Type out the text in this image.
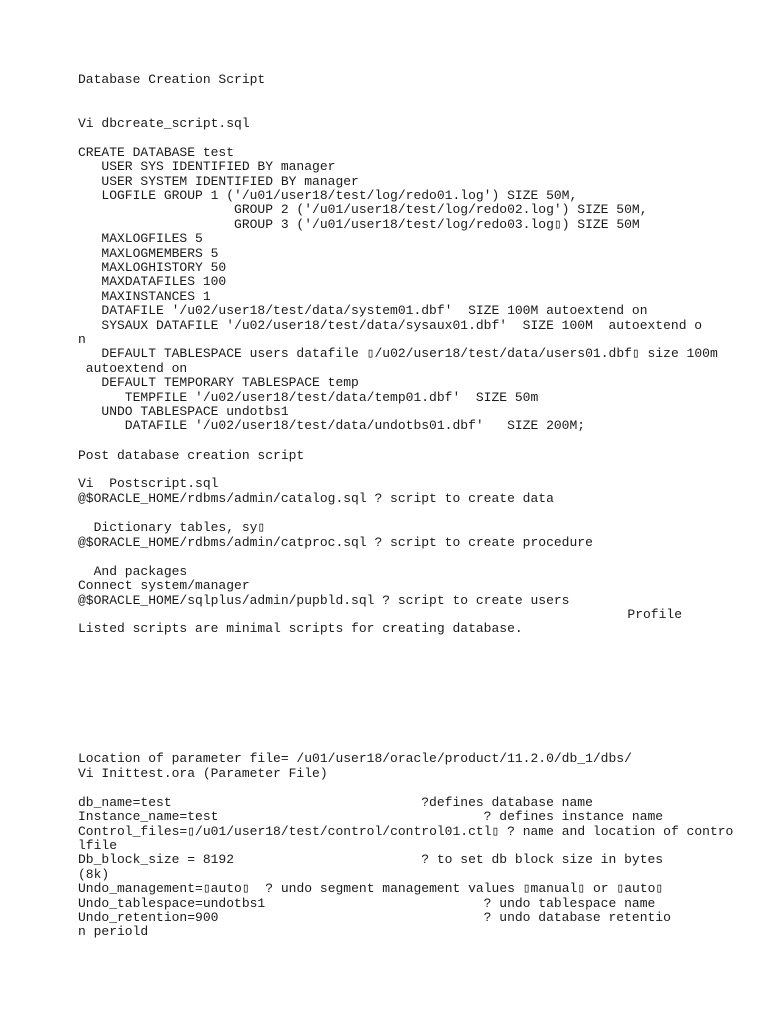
Database Creation Script
Vi dbcreate_script.sql
CREATE DATABASE test
USER SYS IDENTIFIED BY manager
USER SYSTEM IDENTIFIED BY manager
LOGFILE GROUP 1 ('/u01/user18/test/log/redo01.log') SIZE 50M,
GROUP 2 ('/u01/user18/test/log/redo02.log') SIZE 50M,
GROUP 3 ('/u01/user18/test/log/redo03.log▯) SIZE 50M
MAXLOGFILES 5
MAXLOGMEMBERS 5
MAXLOGHISTORY 50
MAXDATAFILES 100
MAXINSTANCES 1
DATAFILE '/u02/user18/test/data/system01.dbf'  SIZE 100M autoextend on
SYSAUX DATAFILE '/u02/user18/test/data/sysaux01.dbf'  SIZE 100M  autoextend o
n
DEFAULT TABLESPACE users datafile ▯/u02/user18/test/data/users01.dbf▯ size 100m
autoextend on
DEFAULT TEMPORARY TABLESPACE temp
TEMPFILE '/u02/user18/test/data/temp01.dbf'  SIZE 50m
UNDO TABLESPACE undotbs1
DATAFILE '/u02/user18/test/data/undotbs01.dbf'   SIZE 200M;
Post database creation script
Vi  Postscript.sql
@$ORACLE_HOME/rdbms/admin/catalog.sql ? script to create data
Dictionary tables, sy▯
@$ORACLE_HOME/rdbms/admin/catproc.sql ? script to create procedure
And packages
Connect system/manager
@$ORACLE_HOME/sqlplus/admin/pupbld.sql ? script to create users
Profile
Listed scripts are minimal scripts for creating database.
Location of parameter file= /u01/user18/oracle/product/11.2.0/db_1/dbs/
Vi Inittest.ora (Parameter File)
db_name=test                                ?defines database name
Instance_name=test                                  ? defines instance name
Control_files=▯/u01/user18/test/control/control01.ctl▯ ? name and location of contro
lfile
Db_block_size = 8192                        ? to set db block size in bytes
(8k)
Undo_management=▯auto▯  ? undo segment management values ▯manual▯ or ▯auto▯
Undo_tablespace=undotbs1                            ? undo tablespace name
Undo_retention=900                                  ? undo database retentio
n periold
